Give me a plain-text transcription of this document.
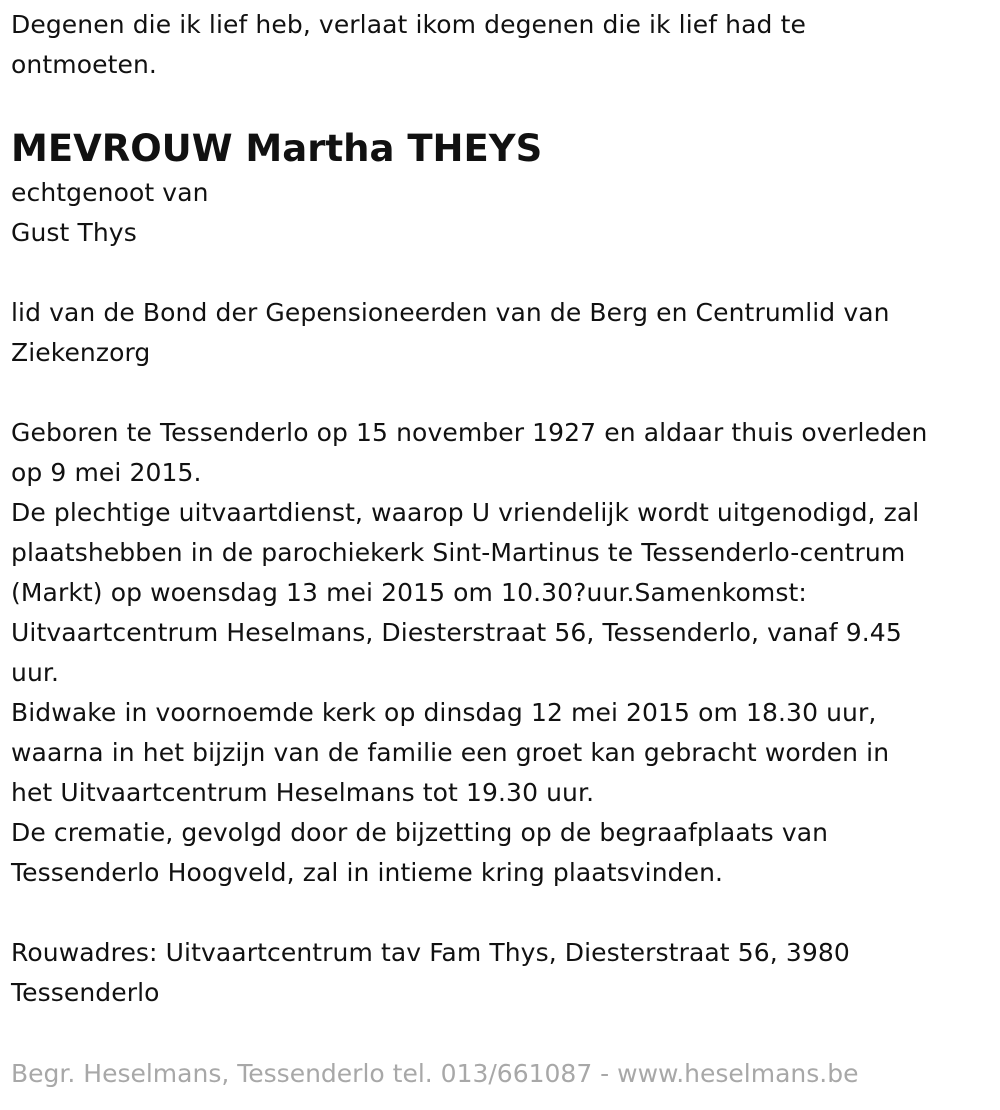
Degenen die ik lief heb, verlaat ikom degenen die ik lief had te
ontmoeten.
MEVROUW Martha THEYS
echtgenoot van
Gust Thys
lid van de Bond der Gepensioneerden van de Berg en Centrumlid van
Ziekenzorg
Geboren te Tessenderlo op 15 november 1927 en aldaar thuis overleden
op 9 mei 2015.
De plechtige uitvaartdienst, waarop U vriendelijk wordt uitgenodigd, zal
plaatshebben in de parochiekerk Sint-Martinus te Tessenderlo-centrum
(Markt) op woensdag 13 mei 2015 om 10.30?uur.Samenkomst:
Uitvaartcentrum Heselmans, Diesterstraat 56, Tessenderlo, vanaf 9.45
uur.
Bidwake in voornoemde kerk op dinsdag 12 mei 2015 om 18.30 uur,
waarna in het bijzijn van de familie een groet kan gebracht worden in
het Uitvaartcentrum Heselmans tot 19.30 uur.
De crematie, gevolgd door de bijzetting op de begraafplaats van
Tessenderlo Hoogveld, zal in intieme kring plaatsvinden.
Rouwadres: Uitvaartcentrum tav Fam Thys, Diesterstraat 56, 3980
Tessenderlo
Begr. Heselmans, Tessenderlo tel. 013/661087 - www.heselmans.be
